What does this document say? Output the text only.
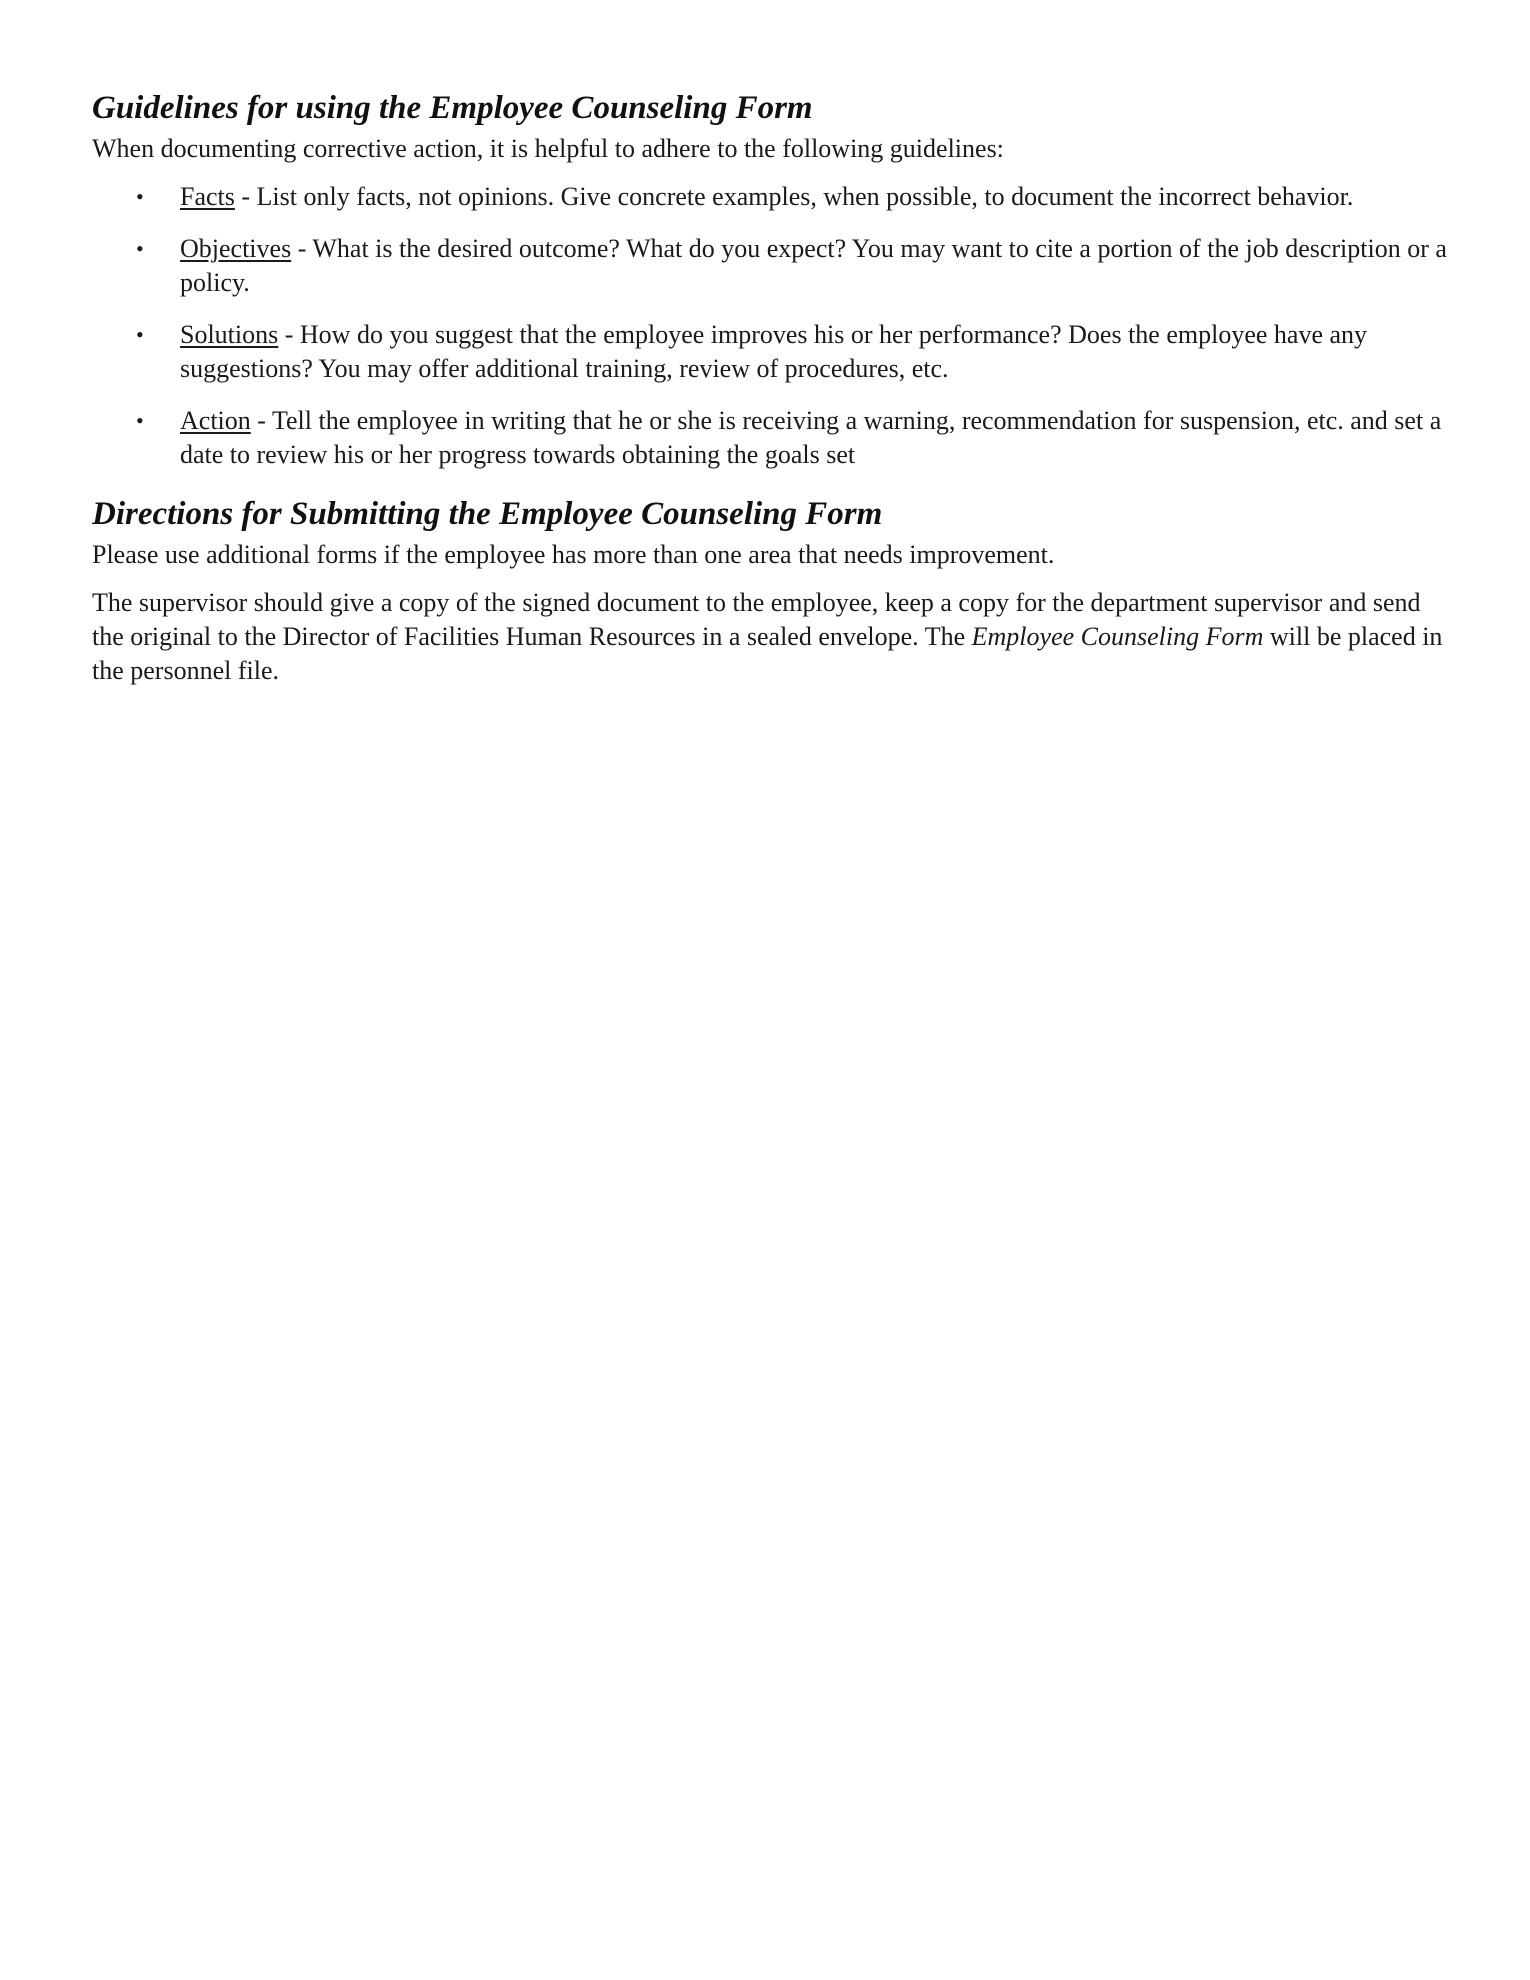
Guidelines for using the Employee Counseling Form

When documenting corrective action, it is helpful to adhere to the following guidelines:

• Facts - List only facts, not opinions. Give concrete examples, when possible, to document the incorrect behavior.
• Objectives - What is the desired outcome? What do you expect? You may want to cite a portion of the job description or a policy.
• Solutions - How do you suggest that the employee improves his or her performance? Does the employee have any suggestions? You may offer additional training, review of procedures, etc.
• Action - Tell the employee in writing that he or she is receiving a warning, recommendation for suspension, etc. and set a date to review his or her progress towards obtaining the goals set
Directions for Submitting the Employee Counseling Form

Please use additional forms if the employee has more than one area that needs improvement.

The supervisor should give a copy of the signed document to the employee, keep a copy for the department supervisor and send the original to the Director of Facilities Human Resources in a sealed envelope. The Employee Counseling Form will be placed in the personnel file.
